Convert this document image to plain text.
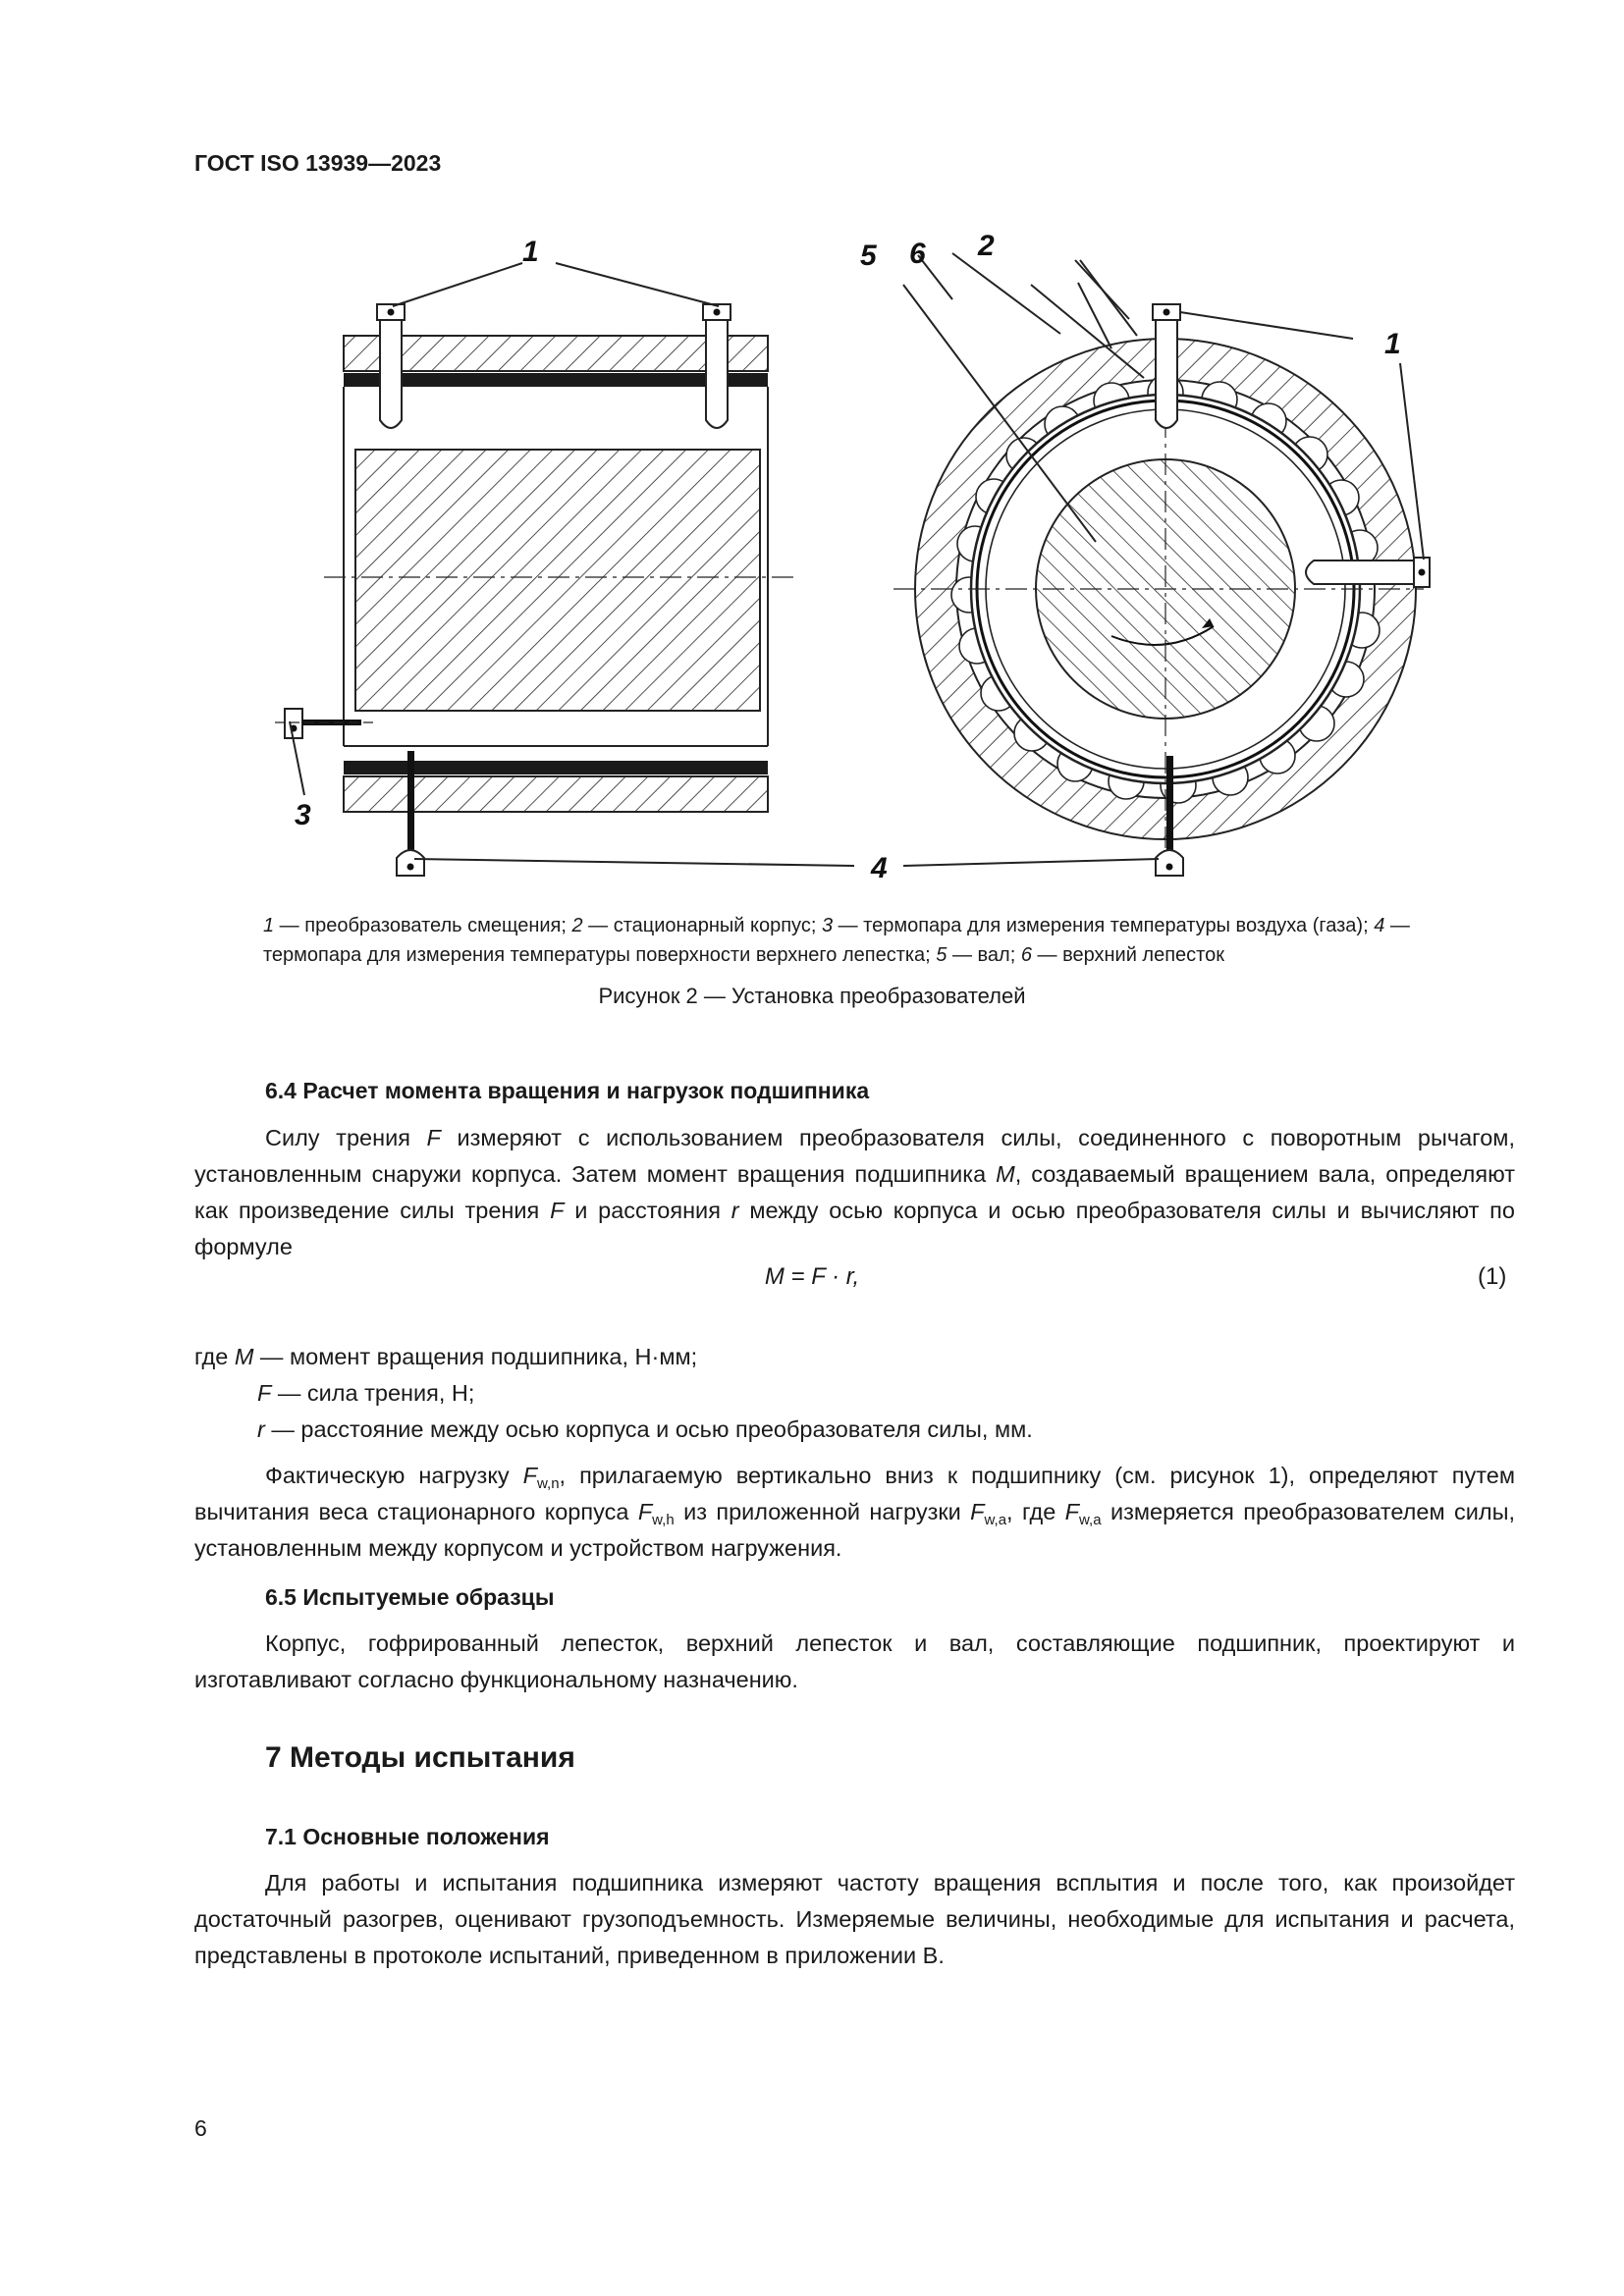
ГОСТ ISO 13939—2023
1
1
2
3
4
5 6
1 — преобразователь смещения; 2 — стационарный корпус; 3 — термопара для измерения температуры воздуха (газа); 4 — термопара для измерения температуры поверхности верхнего лепестка; 5 — вал; 6 — верхний лепесток
Рисунок 2 — Установка преобразователей
6.4 Расчет момента вращения и нагрузок подшипника

Силу трения F измеряют с использованием преобразователя силы, соединенного с поворотным рычагом, установленным снаружи корпуса. Затем момент вращения подшипника M, создаваемый вращением вала, определяют как произведение силы трения F и расстояния r между осью корпуса и осью преобразователя силы и вычисляют по формуле

M = F · r,	(1)
где M — момент вращения подшипника, Н·мм;
F — сила трения, Н;
r — расстояние между осью корпуса и осью преобразователя силы, мм.

Фактическую нагрузку $F_{w,n}$, прилагаемую вертикально вниз к подшипнику (см. рисунок 1), определяют путем вычитания веса стационарного корпуса $F_{w,h}$ из приложенной нагрузки $F_{w,a}$, где $F_{w,a}$ измеряется преобразователем силы, установленным между корпусом и устройством нагружения.

6.5 Испытуемые образцы

Корпус, гофрированный лепесток, верхний лепесток и вал, составляющие подшипник, проектируют и изготавливают согласно функциональному назначению.

7 Методы испытания
7.1 Основные положения

Для работы и испытания подшипника измеряют частоту вращения всплытия и после того, как произойдет достаточный разогрев, оценивают грузоподъемность. Измеряемые величины, необходимые для испытания и расчета, представлены в протоколе испытаний, приведенном в приложении В.

6
